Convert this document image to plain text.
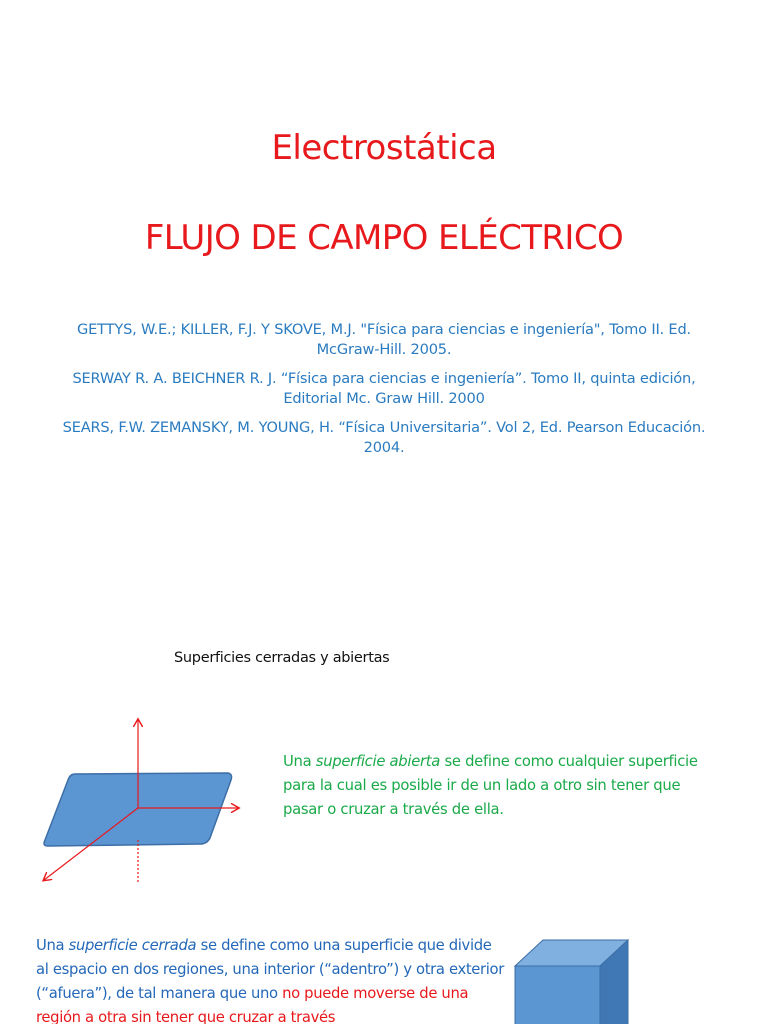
Electrostática
FLUJO DE CAMPO ELÉCTRICO

GETTYS, W.E.; KILLER, F.J. Y SKOVE, M.J. "Física para ciencias e ingeniería", Tomo II. Ed. McGraw-Hill. 2005.

SERWAY R. A. BEICHNER R. J. “Física para ciencias e ingeniería”. Tomo II, quinta edición, Editorial Mc. Graw Hill. 2000

SEARS, F.W. ZEMANSKY, M. YOUNG, H. “Física Universitaria”. Vol 2, Ed. Pearson Educación. 2004.

Superficies cerradas y abiertas

Una superficie abierta se define como cualquier superficie para la cual es posible ir de un lado a otro sin tener que pasar o cruzar a través de ella.

Una superficie cerrada se define como una superficie que divide al espacio en dos regiones, una interior (“adentro”) y otra exterior (“afuera”), de tal manera que uno no puede moverse de una región a otra sin tener que cruzar a través
